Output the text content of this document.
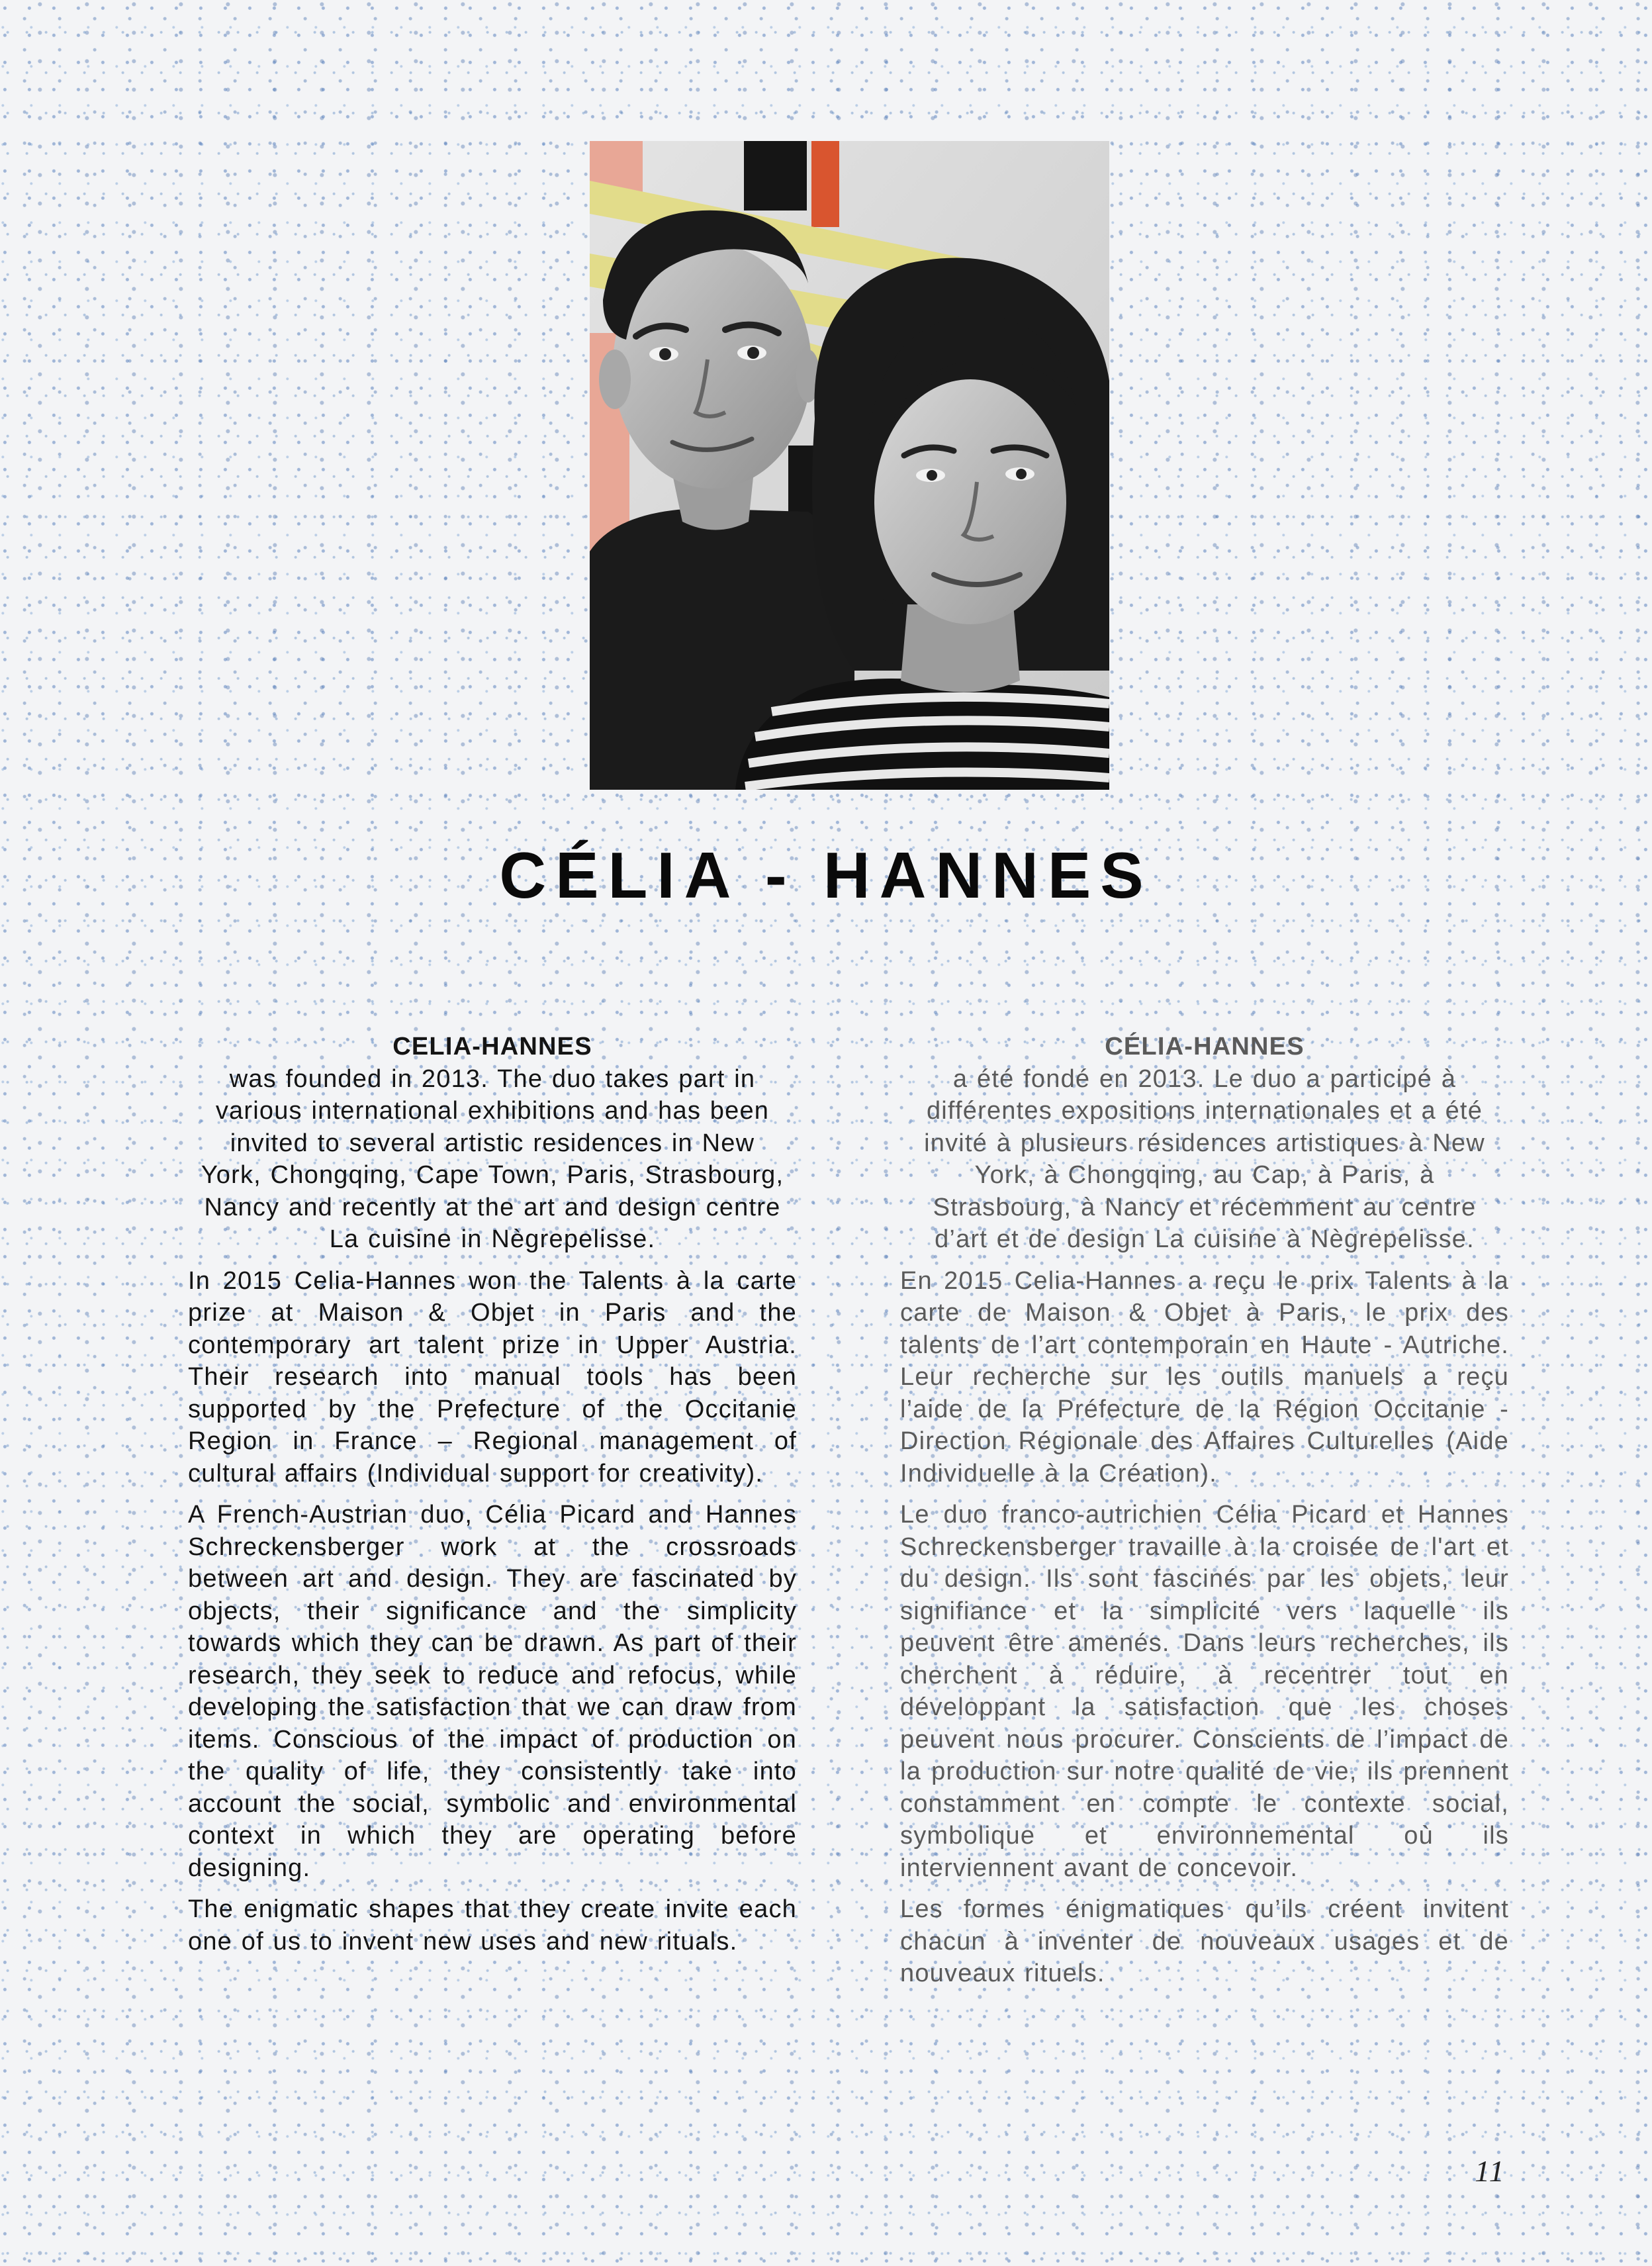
CÉLIA - HANNES
CELIA-HANNES
was founded in 2013. The duo takes part in various international exhibitions and has been invited to several artistic residences in New York, Chongqing, Cape Town, Paris, Strasbourg, Nancy and recently at the art and design centre La cuisine in Nègrepelisse.

In 2015 Celia-Hannes won the Talents à la carte prize at Maison & Objet in Paris and the contemporary art talent prize in Upper Austria. Their research into manual tools has been supported by the Prefecture of the Occitanie Region in France – Regional management of cultural affairs (Individual support for creativity).

A French-Austrian duo, Célia Picard and Hannes Schreckensberger work at the crossroads between art and design. They are fascinated by objects, their significance and the simplicity towards which they can be drawn. As part of their research, they seek to reduce and refocus, while developing the satisfaction that we can draw from items. Conscious of the impact of production on the quality of life, they consistently take into account the social, symbolic and environmental context in which they are operating before designing.

The enigmatic shapes that they create invite each one of us to invent new uses and new rituals.

CÉLIA-HANNES
a été fondé en 2013. Le duo a participé à différentes expositions internationales et a été invité à plusieurs résidences artistiques à New York, à Chongqing, au Cap, à Paris, à Strasbourg, à Nancy et récemment au centre d’art et de design La cuisine à Nègrepelisse.

En 2015 Celia-Hannes a reçu le prix Talents à la carte de Maison & Objet à Paris, le prix des talents de l’art contemporain en Haute - Autriche. Leur recherche sur les outils manuels a reçu l’aide de la Préfecture de la Région Occitanie - Direction Régionale des Affaires Culturelles (Aide Individuelle à la Création).

Le duo franco-autrichien Célia Picard et Hannes Schreckensberger travaille à la croisée de l'art et du design. Ils sont fascinés par les objets, leur signifiance et la simplicité vers laquelle ils peuvent être amenés. Dans leurs recherches, ils cherchent à réduire, à recentrer tout en développant la satisfaction que les choses peuvent nous procurer. Conscients de l’impact de la production sur notre qualité de vie, ils prennent constamment en compte le contexte social, symbolique et environnemental où ils interviennent avant de concevoir.

Les formes énigmatiques qu’ils créent invitent chacun à inventer de nouveaux usages et de nouveaux rituels.

11
